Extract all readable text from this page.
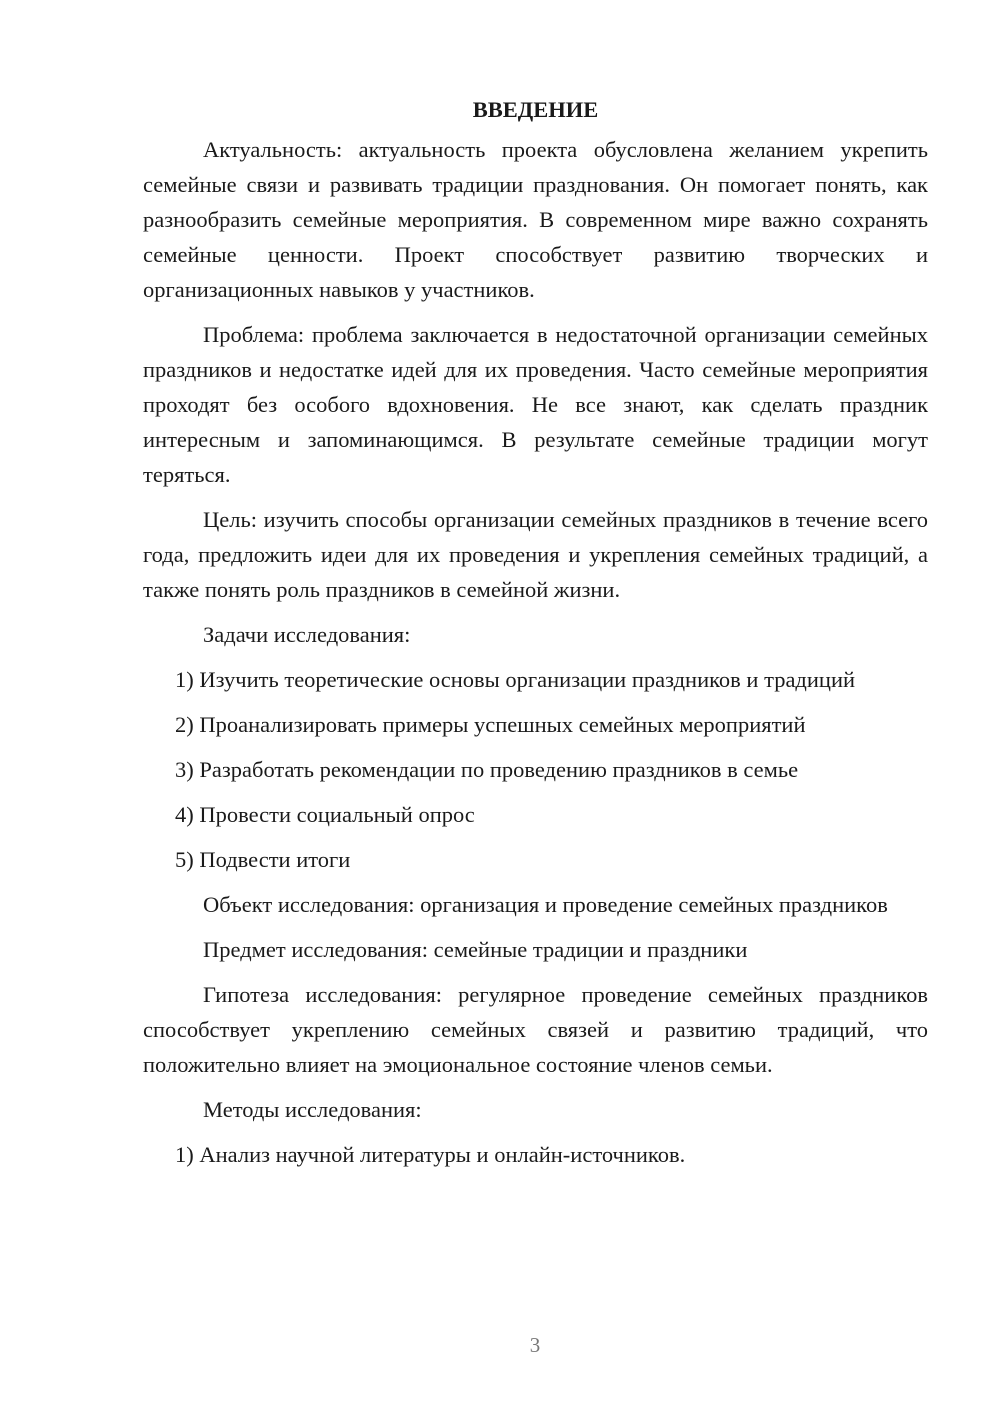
ВВЕДЕНИЕ
Актуальность: актуальность проекта обусловлена желанием укрепить семейные связи и развивать традиции празднования. Он помогает понять, как разнообразить семейные мероприятия. В современном мире важно сохранять семейные ценности. Проект способствует развитию творческих и организационных навыков у участников.
Проблема: проблема заключается в недостаточной организации семейных праздников и недостатке идей для их проведения. Часто семейные мероприятия проходят без особого вдохновения. Не все знают, как сделать праздник интересным и запоминающимся. В результате семейные традиции могут теряться.
Цель: изучить способы организации семейных праздников в течение всего года, предложить идеи для их проведения и укрепления семейных традиций, а также понять роль праздников в семейной жизни.
Задачи исследования:
1) Изучить теоретические основы организации праздников и традиций
2) Проанализировать примеры успешных семейных мероприятий
3) Разработать рекомендации по проведению праздников в семье
4) Провести социальный опрос
5) Подвести итоги
Объект исследования: организация и проведение семейных праздников
Предмет исследования: семейные традиции и праздники
Гипотеза исследования: регулярное проведение семейных праздников способствует укреплению семейных связей и развитию традиций, что положительно влияет на эмоциональное состояние членов семьи.
Методы исследования:
1) Анализ научной литературы и онлайн-источников.
3
